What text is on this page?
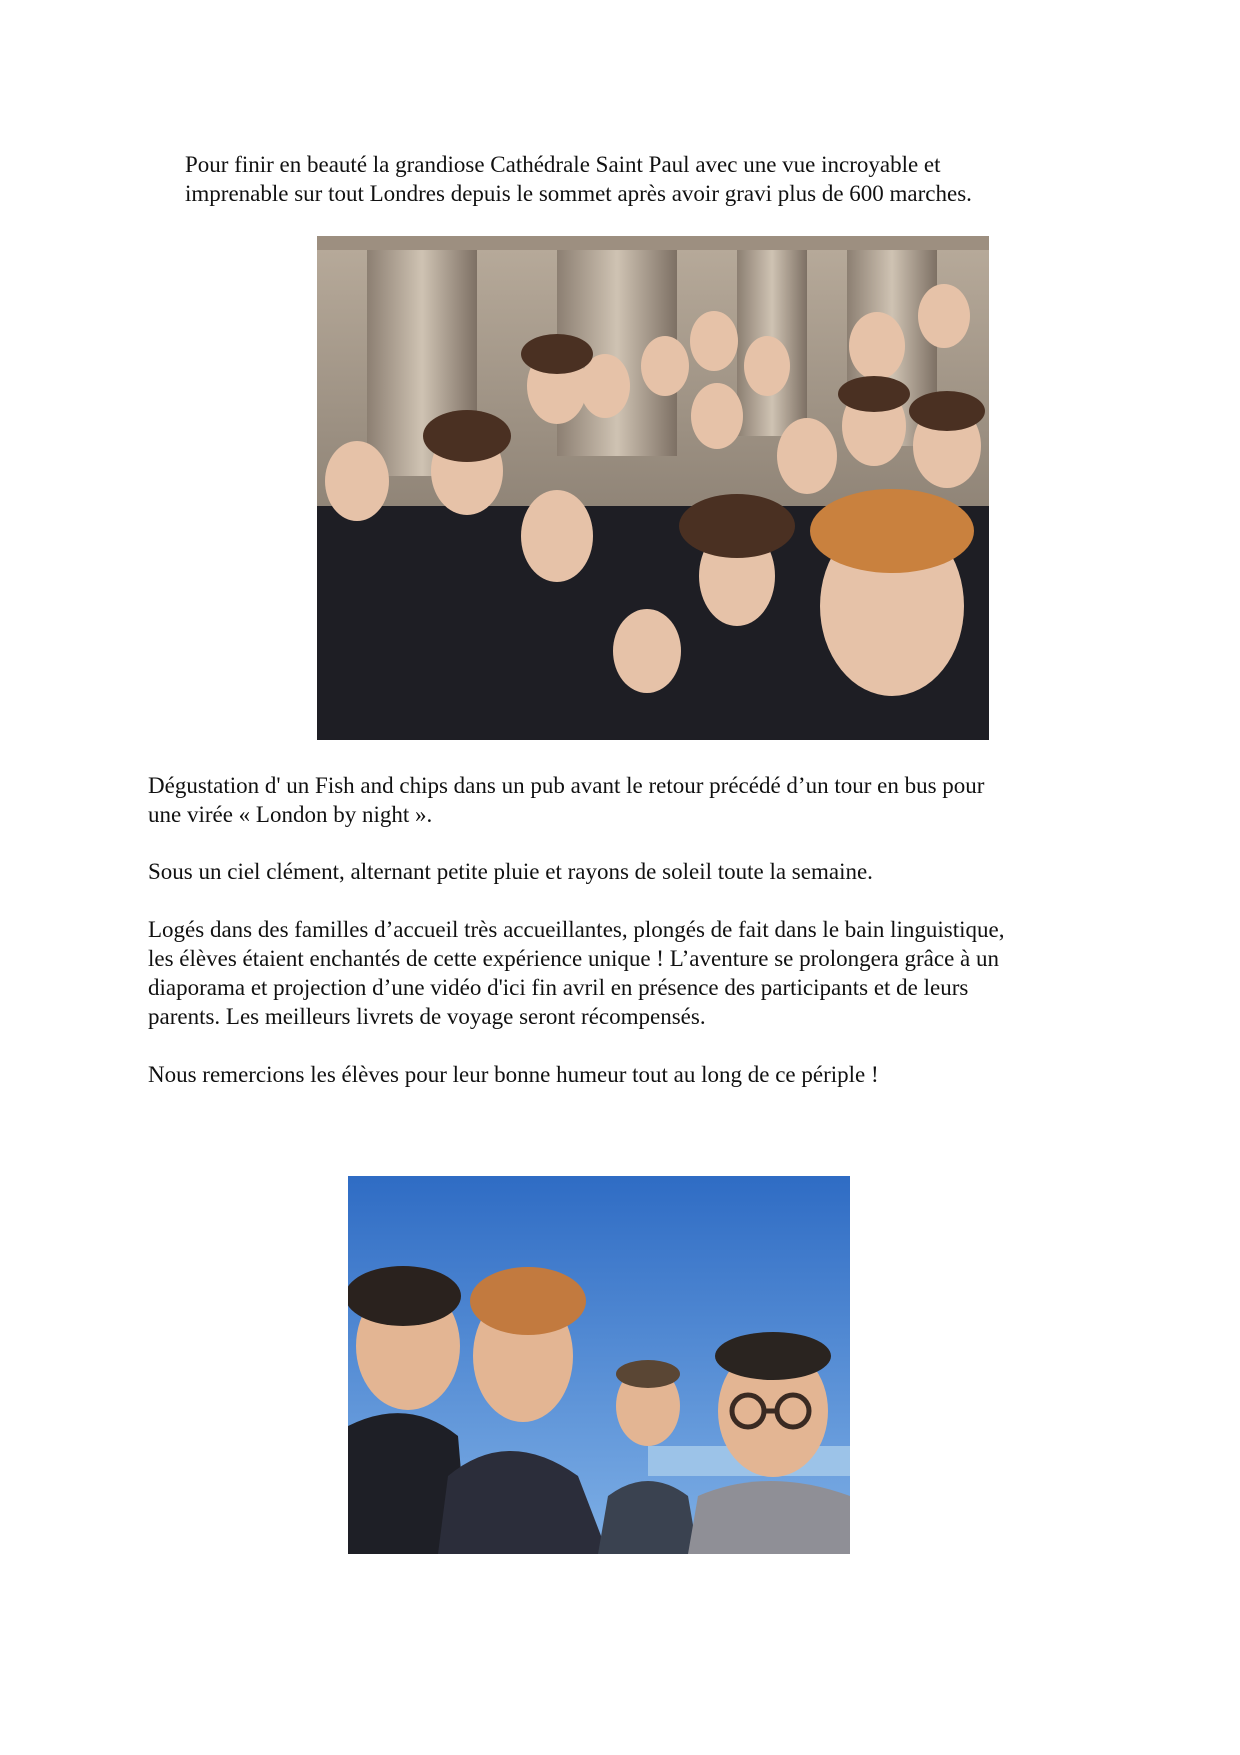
Pour finir en beauté la grandiose Cathédrale Saint Paul avec une vue incroyable et
imprenable sur tout Londres depuis le sommet après avoir gravi plus de 600 marches.

Dégustation d' un Fish and chips dans un pub avant le retour précédé d’un tour en bus pour
une virée « London by night ».

Sous un ciel clément, alternant petite pluie et rayons de soleil toute la semaine.

Logés dans des familles d’accueil très accueillantes, plongés de fait dans le bain linguistique,
les élèves étaient enchantés de cette expérience unique ! L’aventure se prolongera grâce à un
diaporama et projection d’une vidéo d'ici fin avril en présence des participants et de leurs
parents. Les meilleurs livrets de voyage seront récompensés.

Nous remercions les élèves pour leur bonne humeur tout au long de ce périple !
